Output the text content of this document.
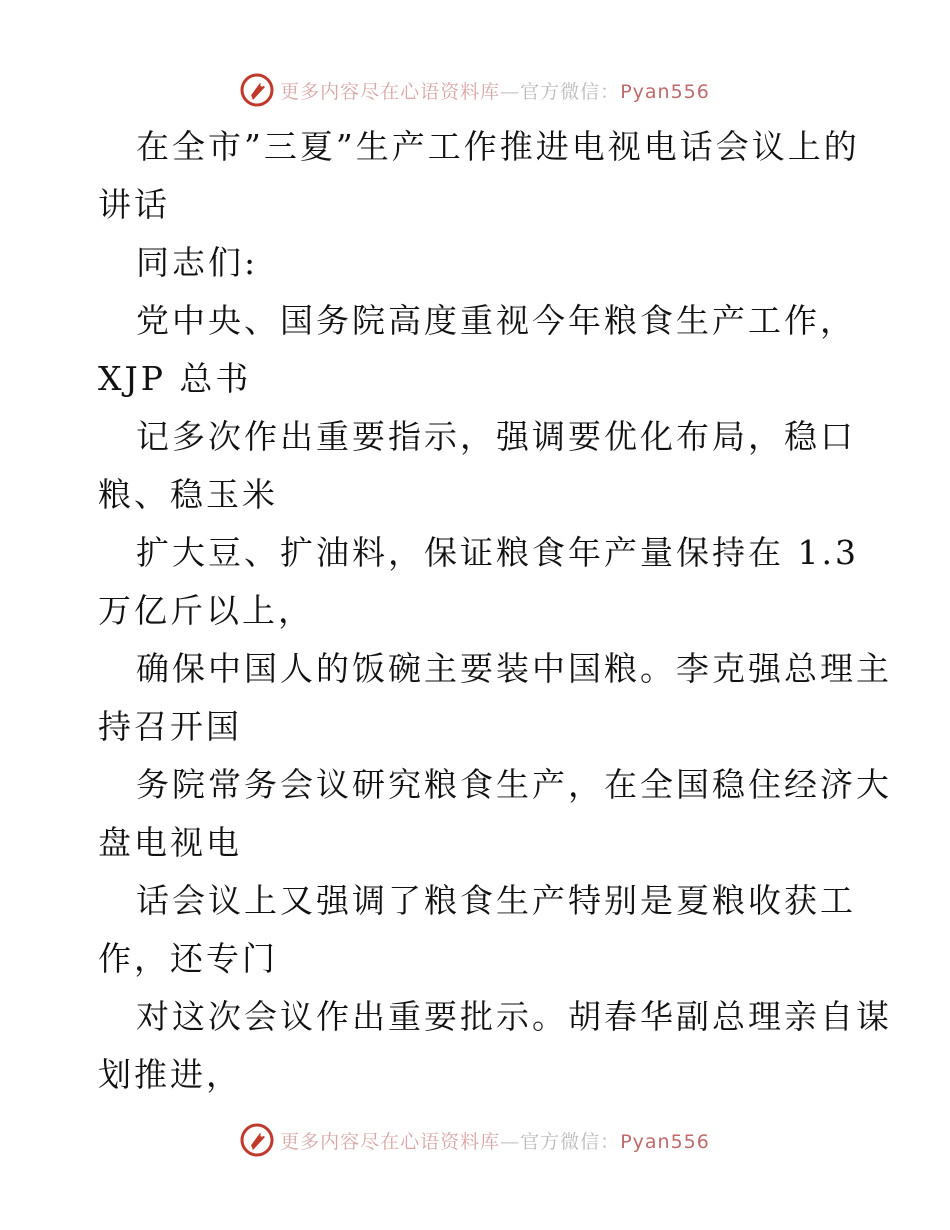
更多内容尽在心语资料库—官方微信：Pyan556
在全市”三夏”生产工作推进电视电话会议上的
讲话
同志们:
党中央、国务院高度重视今年粮食生产工作，
XJP 总书
记多次作出重要指示，强调要优化布局，稳口
粮、稳玉米
扩大豆、扩油料，保证粮食年产量保持在 1.3
万亿斤以上，
确保中国人的饭碗主要装中国粮。李克强总理主
持召开国
务院常务会议研究粮食生产，在全国稳住经济大
盘电视电
话会议上又强调了粮食生产特别是夏粮收获工
作，还专门
对这次会议作出重要批示。胡春华副总理亲自谋
划推进，
更多内容尽在心语资料库—官方微信：Pyan556
